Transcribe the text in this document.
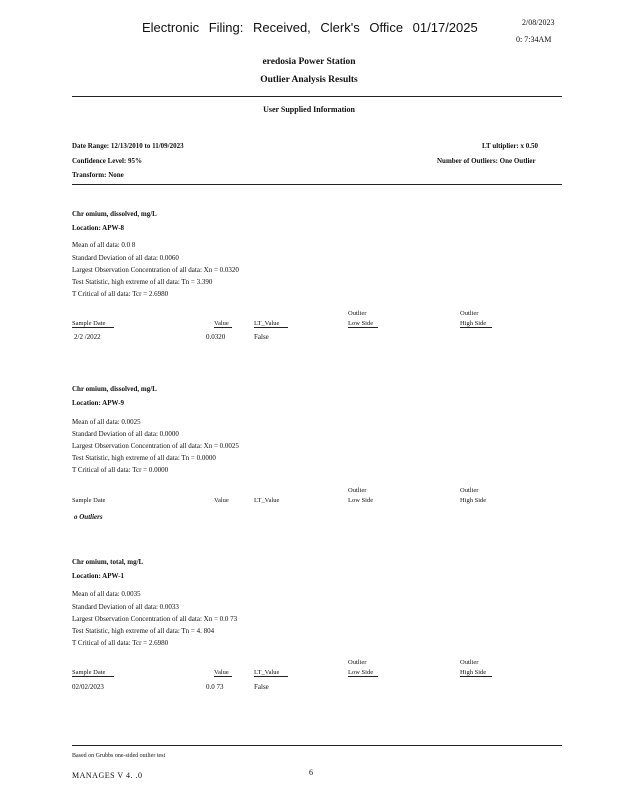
Electronic Filing: Received, Clerk's Office 01/17/2025	2/08/2023
0: 7:34AM
eredosia Power Station
Outlier Analysis Results
User Supplied Information
Date Range: 12/13/2010 to 11/09/2023	LT ultiplier: x 0.50
Confidence Level: 95%	Number of Outliers: One Outlier
Transform: None
Chr omium, dissolved, mg/L
Location: APW-8
Mean of all data: 0.0 8
Standard Deviation of all data: 0.0060
Largest Observation Concentration of all data: Xn = 0.0320
Test Statistic, high extreme of all data: Tn = 3.390
T Critical of all data: Tcr = 2.6980
Outlier	Outlier
Sample Date	Value	LT_Value	Low Side	High Side
2/2 /2022	0.0320	False
Chr omium, dissolved, mg/L
Location: APW-9
Mean of all data: 0.0025
Standard Deviation of all data: 0.0000
Largest Observation Concentration of all data: Xn = 0.0025
Test Statistic, high extreme of all data: Tn = 0.0000
T Critical of all data: Tcr = 0.0000
Outlier	Outlier
Sample Date	Value	LT_Value	Low Side	High Side
o Outliers
Chr omium, total, mg/L
Location: APW-1
Mean of all data: 0.0035
Standard Deviation of all data: 0.0033
Largest Observation Concentration of all data: Xn = 0.0 73
Test Statistic, high extreme of all data: Tn = 4. 804
T Critical of all data: Tcr = 2.6980
Outlier	Outlier
Sample Date	Value	LT_Value	Low Side	High Side
02/02/2023	0.0 73	False
Based on Grubbs one-sided outlier test
MANAGES V 4. .0	6
